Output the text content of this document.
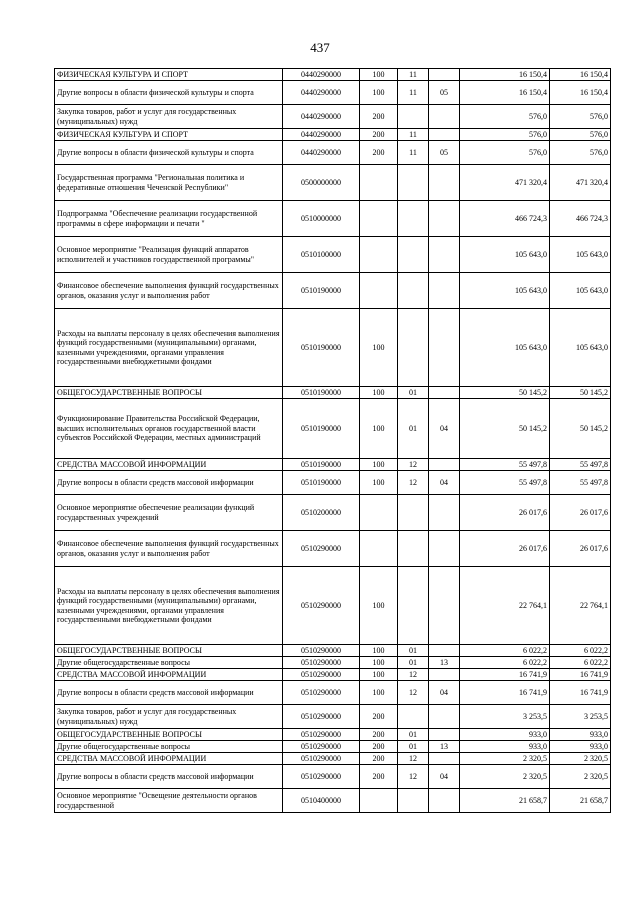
437
ФИЗИЧЕСКАЯ КУЛЬТУРА И СПОРТ	0440290000	100	11		16 150,4	16 150,4
Другие вопросы в области физической культуры и спорта	0440290000	100	11	05	16 150,4	16 150,4
Закупка товаров, работ и услуг для государственных (муниципальных) нужд	0440290000	200			576,0	576,0
ФИЗИЧЕСКАЯ КУЛЬТУРА И СПОРТ	0440290000	200	11		576,0	576,0
Другие вопросы в области физической культуры и спорта	0440290000	200	11	05	576,0	576,0
Государственная программа "Региональная политика и федеративные отношения Чеченской Республики"	0500000000				471 320,4	471 320,4
Подпрограмма "Обеспечение реализации государственной программы в сфере информации и печати "	0510000000				466 724,3	466 724,3
Основное мероприятие "Реализация функций аппаратов исполнителей и участников государственной программы"	0510100000				105 643,0	105 643,0
Финансовое обеспечение выполнения функций государственных органов, оказания услуг и выполнения работ	0510190000				105 643,0	105 643,0
Расходы на выплаты персоналу в целях обеспечения выполнения функций государственными (муниципальными) органами, казенными учреждениями, органами управления государственными внебюджетными фондами	0510190000	100			105 643,0	105 643,0
ОБЩЕГОСУДАРСТВЕННЫЕ ВОПРОСЫ	0510190000	100	01		50 145,2	50 145,2
Функционирование Правительства Российской Федерации, высших исполнительных органов государственной власти субъектов Российской Федерации, местных администраций	0510190000	100	01	04	50 145,2	50 145,2
СРЕДСТВА МАССОВОЙ ИНФОРМАЦИИ	0510190000	100	12		55 497,8	55 497,8
Другие вопросы в области средств массовой информации	0510190000	100	12	04	55 497,8	55 497,8
Основное мероприятие обеспечение реализации функций государственных учреждений	0510200000				26 017,6	26 017,6
Финансовое обеспечение выполнения функций государственных органов, оказания услуг и выполнения работ	0510290000				26 017,6	26 017,6
Расходы на выплаты персоналу в целях обеспечения выполнения функций государственными (муниципальными) органами, казенными учреждениями, органами управления государственными внебюджетными фондами	0510290000	100			22 764,1	22 764,1
ОБЩЕГОСУДАРСТВЕННЫЕ ВОПРОСЫ	0510290000	100	01		6 022,2	6 022,2
Другие общегосударственные вопросы	0510290000	100	01	13	6 022,2	6 022,2
СРЕДСТВА МАССОВОЙ ИНФОРМАЦИИ	0510290000	100	12		16 741,9	16 741,9
Другие вопросы в области средств массовой информации	0510290000	100	12	04	16 741,9	16 741,9
Закупка товаров, работ и услуг для государственных (муниципальных) нужд	0510290000	200			3 253,5	3 253,5
ОБЩЕГОСУДАРСТВЕННЫЕ ВОПРОСЫ	0510290000	200	01		933,0	933,0
Другие общегосударственные вопросы	0510290000	200	01	13	933,0	933,0
СРЕДСТВА МАССОВОЙ ИНФОРМАЦИИ	0510290000	200	12		2 320,5	2 320,5
Другие вопросы в области средств массовой информации	0510290000	200	12	04	2 320,5	2 320,5
Основное мероприятие "Освещение деятельности органов государственной	0510400000				21 658,7	21 658,7
